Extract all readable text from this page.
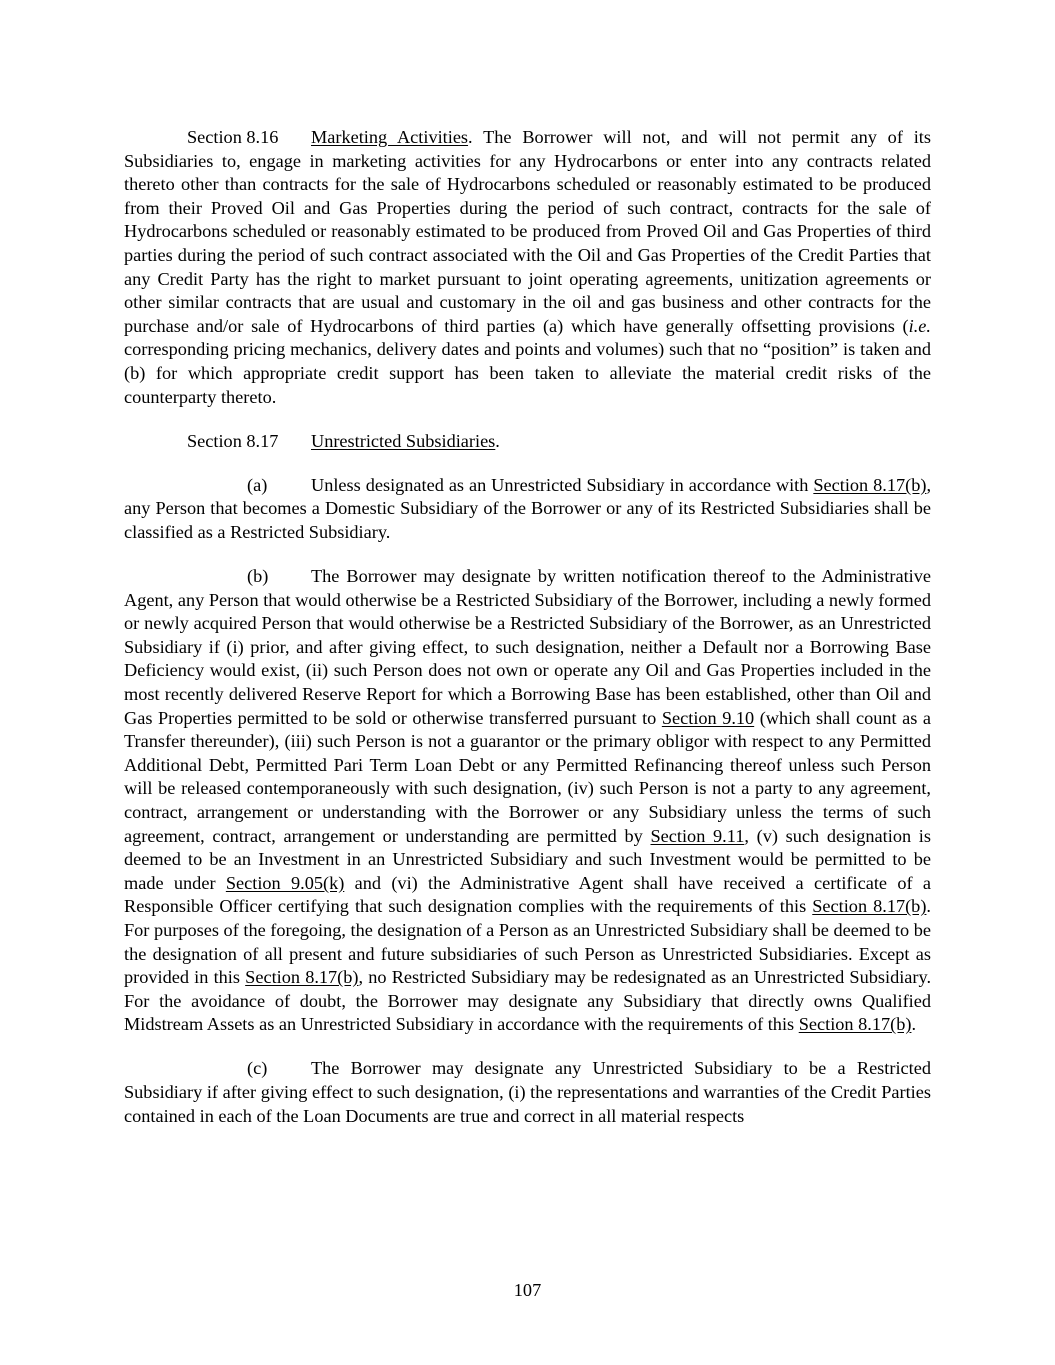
Section 8.16 Marketing Activities. The Borrower will not, and will not permit any of its Subsidiaries to, engage in marketing activities for any Hydrocarbons or enter into any contracts related thereto other than contracts for the sale of Hydrocarbons scheduled or reasonably estimated to be produced from their Proved Oil and Gas Properties during the period of such contract, contracts for the sale of Hydrocarbons scheduled or reasonably estimated to be produced from Proved Oil and Gas Properties of third parties during the period of such contract associated with the Oil and Gas Properties of the Credit Parties that any Credit Party has the right to market pursuant to joint operating agreements, unitization agreements or other similar contracts that are usual and customary in the oil and gas business and other contracts for the purchase and/or sale of Hydrocarbons of third parties (a) which have generally offsetting provisions (i.e. corresponding pricing mechanics, delivery dates and points and volumes) such that no “position” is taken and (b) for which appropriate credit support has been taken to alleviate the material credit risks of the counterparty thereto.

Section 8.17 Unrestricted Subsidiaries.

(a) Unless designated as an Unrestricted Subsidiary in accordance with Section 8.17(b), any Person that becomes a Domestic Subsidiary of the Borrower or any of its Restricted Subsidiaries shall be classified as a Restricted Subsidiary.

(b) The Borrower may designate by written notification thereof to the Administrative Agent, any Person that would otherwise be a Restricted Subsidiary of the Borrower, including a newly formed or newly acquired Person that would otherwise be a Restricted Subsidiary of the Borrower, as an Unrestricted Subsidiary if (i) prior, and after giving effect, to such designation, neither a Default nor a Borrowing Base Deficiency would exist, (ii) such Person does not own or operate any Oil and Gas Properties included in the most recently delivered Reserve Report for which a Borrowing Base has been established, other than Oil and Gas Properties permitted to be sold or otherwise transferred pursuant to Section 9.10 (which shall count as a Transfer thereunder), (iii) such Person is not a guarantor or the primary obligor with respect to any Permitted Additional Debt, Permitted Pari Term Loan Debt or any Permitted Refinancing thereof unless such Person will be released contemporaneously with such designation, (iv) such Person is not a party to any agreement, contract, arrangement or understanding with the Borrower or any Subsidiary unless the terms of such agreement, contract, arrangement or understanding are permitted by Section 9.11, (v) such designation is deemed to be an Investment in an Unrestricted Subsidiary and such Investment would be permitted to be made under Section 9.05(k) and (vi) the Administrative Agent shall have received a certificate of a Responsible Officer certifying that such designation complies with the requirements of this Section 8.17(b). For purposes of the foregoing, the designation of a Person as an Unrestricted Subsidiary shall be deemed to be the designation of all present and future subsidiaries of such Person as Unrestricted Subsidiaries. Except as provided in this Section 8.17(b), no Restricted Subsidiary may be redesignated as an Unrestricted Subsidiary. For the avoidance of doubt, the Borrower may designate any Subsidiary that directly owns Qualified Midstream Assets as an Unrestricted Subsidiary in accordance with the requirements of this Section 8.17(b).

(c) The Borrower may designate any Unrestricted Subsidiary to be a Restricted Subsidiary if after giving effect to such designation, (i) the representations and warranties of the Credit Parties contained in each of the Loan Documents are true and correct in all material respects

107
